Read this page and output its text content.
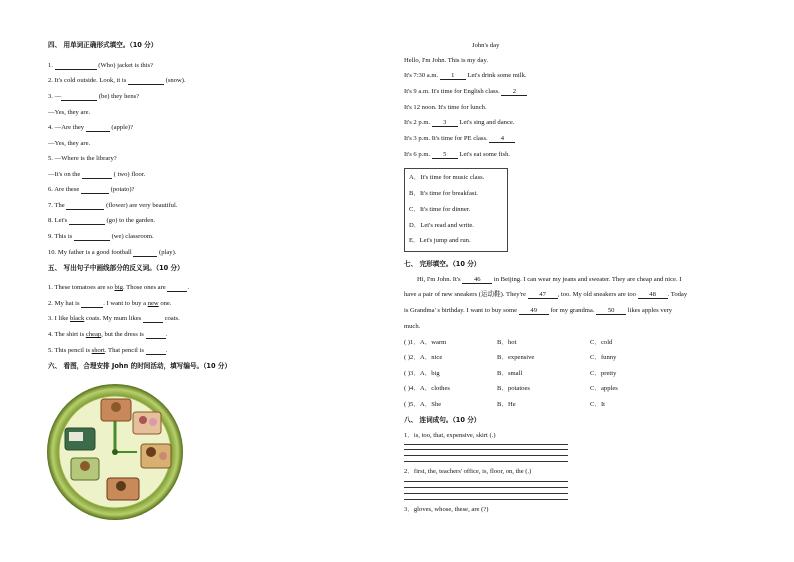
四、 用单词正确形式填空。（10 分）
1.	(Who) jacket is this?
2. It's cold outside. Look, it is	(snow).
3. —	(be) they hens?
—Yes, they are.
4. —Are they	(apple)?
—Yes, they are.
5. —Where is the library?
—It's on the	( two) floor.
6. Are these	(potato)?
7. The	(flower) are very beautiful.
8. Let's	(go) to the garden.
9. This is	(we) classroom.
10. My father is a good football	(play).
五、 写出句子中画线部分的反义词。（10 分）
1. These tomatoes are so big. Those ones are	.
2. My hat is	. I want to buy a new one.
3. I like black coats. My mum likes	coats.
4. The shirt is cheap, but the dress is	.
5. This pencil is short. That pencil is	.
六、 看图，合理安排 John 的时间活动，填写编号。（10 分）
John's day
Hello, I'm John. This is my day.
It's 7:30 a.m. 1 Let's drink some milk.
It's 9 a.m. It's time for English class. 2
It's 12 noon. It's time for lunch.
It's 2 p.m. 3 Let's sing and dance.
It's 3 p.m. It's time for PE class. 4
It's 6 p.m. 5 Let's eat some fish.
A．It's time for music class.
B．It's time for breakfast.
C．It's time for dinner.
D．Let's read and write.
E．Let's jump and run.
七、 完形填空。（10 分）
Hi, I'm John. It's 46 in Beijing. I can wear my jeans and sweater. They are cheap and nice. I
have a pair of new sneakers (运动鞋). They're 47 , too. My old sneakers are too 48 . Today
is Grandma' s birthday. I want to buy some 49 for my grandma. 50 likes apples very
much.
( )1．A．warm	B．hot	C．cold
( )2．A．nice	B．expensive	C．funny
( )3．A．big	B．small	C．pretty
( )4．A．clothes	B．potatoes	C．apples
( )5．A．She	B．He	C．It
八、 连词成句。（10 分）
1．is, too, that, expensive, skirt (.)
2．first, the, teachers' office, is, floor, on, the (.)
3．gloves, whose, these, are (?)
